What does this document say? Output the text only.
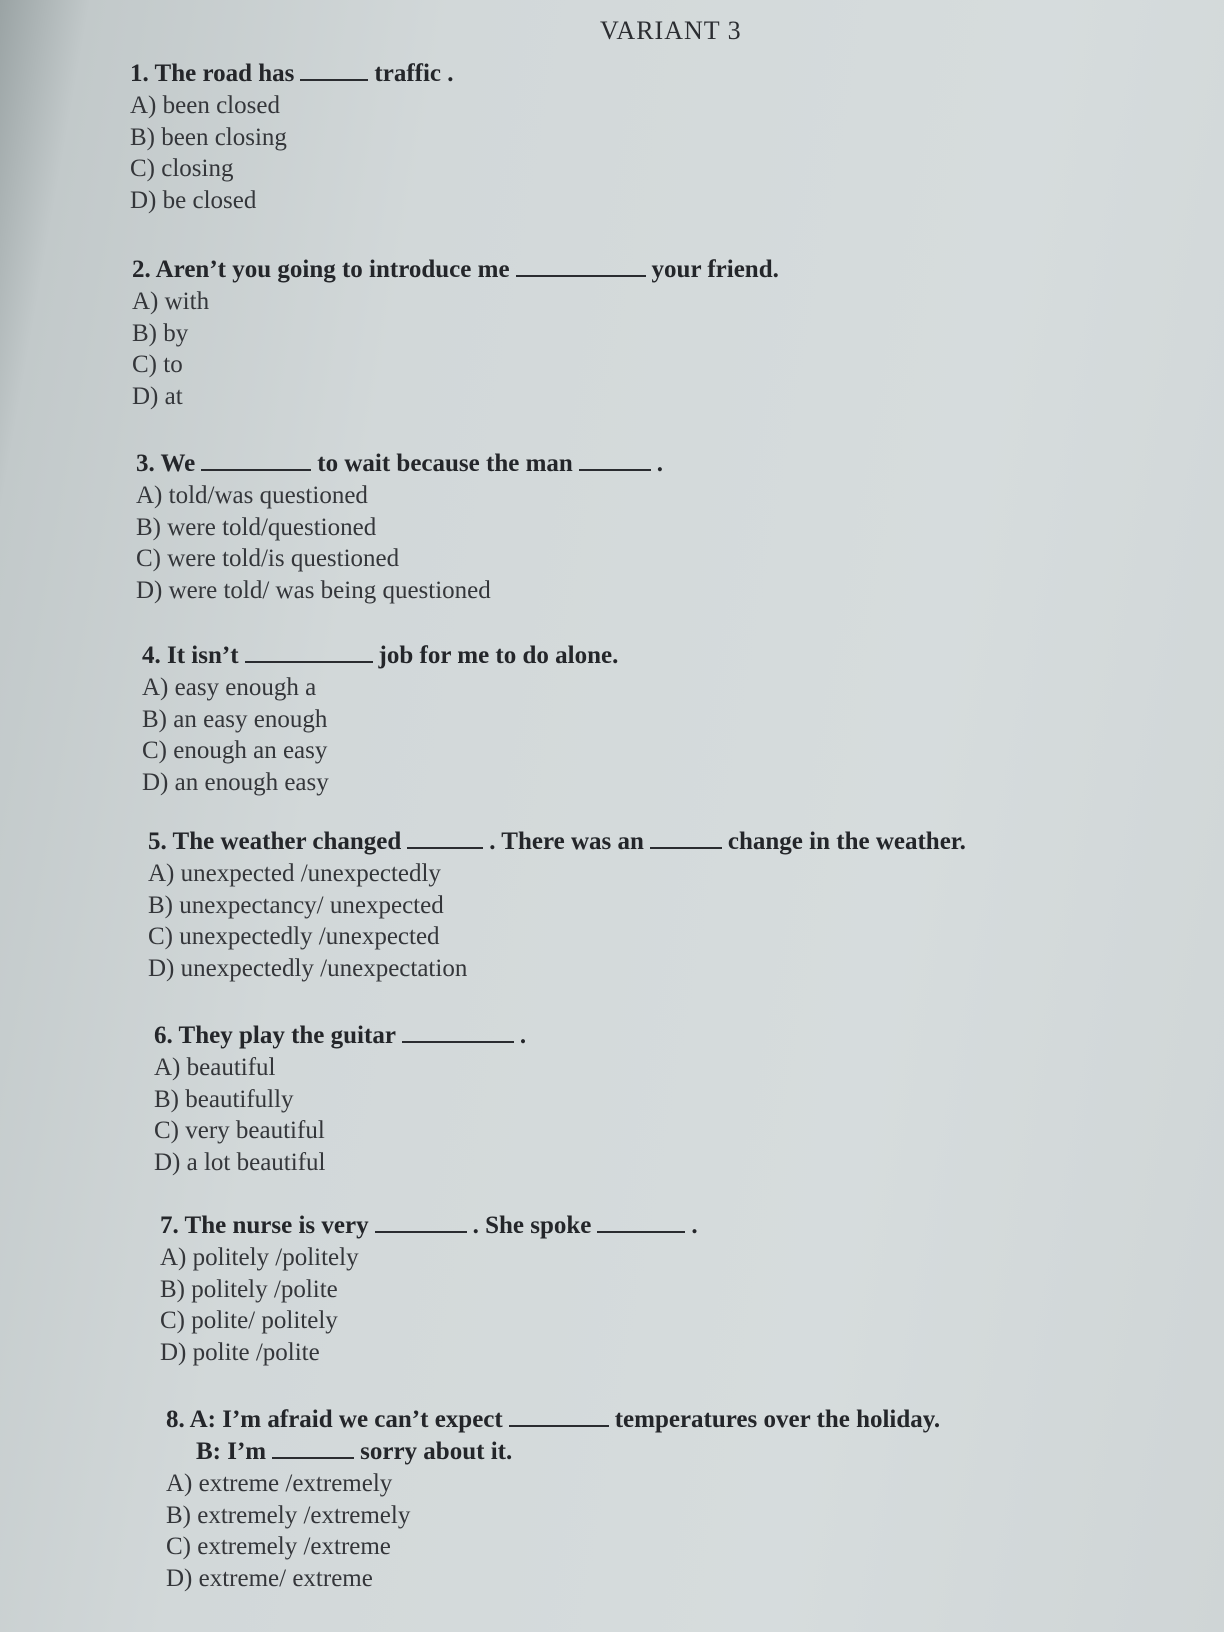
VARIANT 3
1. The road has	traffic .
A) been closed
B) been closing
C) closing
D) be closed
2. Aren’t you going to introduce me	your friend.
A) with
B) by
C) to
D) at
3. We	to wait because the man	.
A) told/was questioned
B) were told/questioned
C) were told/is questioned
D) were told/ was being questioned
4. It isn’t	job for me to do alone.
A) easy enough a
B) an easy enough
C) enough an easy
D) an enough easy
5. The weather changed	. There was an	change in the weather.
A) unexpected /unexpectedly
B) unexpectancy/ unexpected
C) unexpectedly /unexpected
D) unexpectedly /unexpectation
6. They play the guitar	.
A) beautiful
B) beautifully
C) very beautiful
D) a lot beautiful
7. The nurse is very	. She spoke	.
A) politely /politely
B) politely /polite
C) polite/ politely
D) polite /polite
8. A: I’m afraid we can’t expect	temperatures over the holiday.
B: I’m	sorry about it.
A) extreme /extremely
B) extremely /extremely
C) extremely /extreme
D) extreme/ extreme
